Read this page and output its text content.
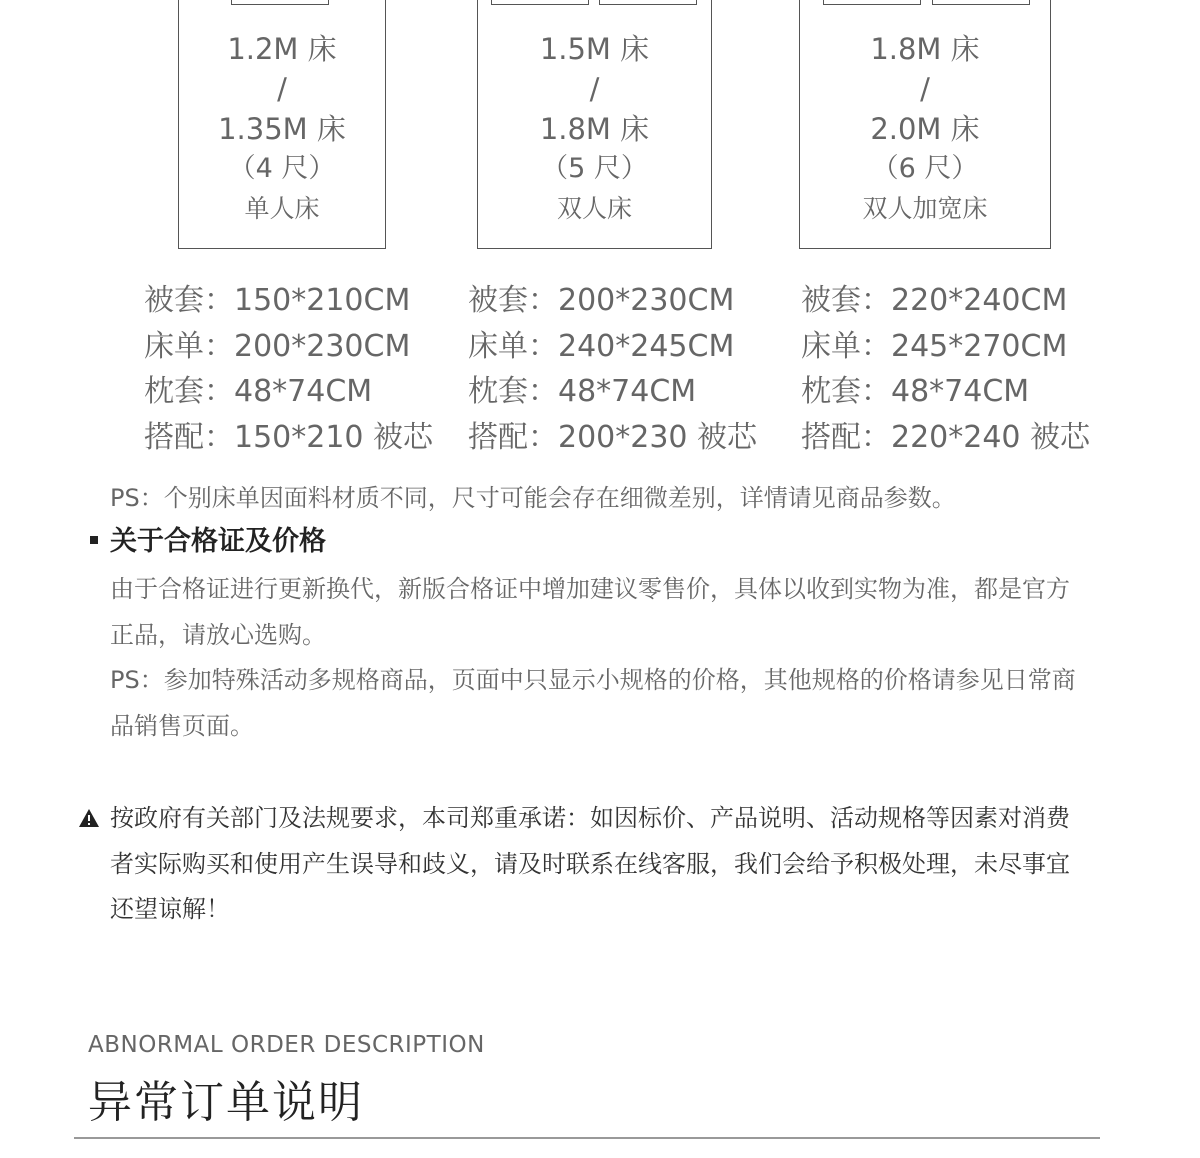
1.2M 床
/
1.35M 床
（4 尺）
单人床
1.5M 床
/
1.8M 床
（5 尺）
双人床
1.8M 床
/
2.0M 床
（6 尺）
双人加宽床
被套：150*210CM
床单：200*230CM
枕套：48*74CM
搭配：150*210 被芯
被套：200*230CM
床单：240*245CM
枕套：48*74CM
搭配：200*230 被芯
被套：220*240CM
床单：245*270CM
枕套：48*74CM
搭配：220*240 被芯
PS：个别床单因面料材质不同，尺寸可能会存在细微差别，详情请见商品参数。
关于合格证及价格
由于合格证进行更新换代，新版合格证中增加建议零售价，具体以收到实物为准，都是官方正品，请放心选购。
PS：参加特殊活动多规格商品，页面中只显示小规格的价格，其他规格的价格请参见日常商品销售页面。
按政府有关部门及法规要求，本司郑重承诺：如因标价、产品说明、活动规格等因素对消费者实际购买和使用产生误导和歧义，请及时联系在线客服，我们会给予积极处理，未尽事宜还望谅解！
ABNORMAL ORDER DESCRIPTION
异常订单说明
